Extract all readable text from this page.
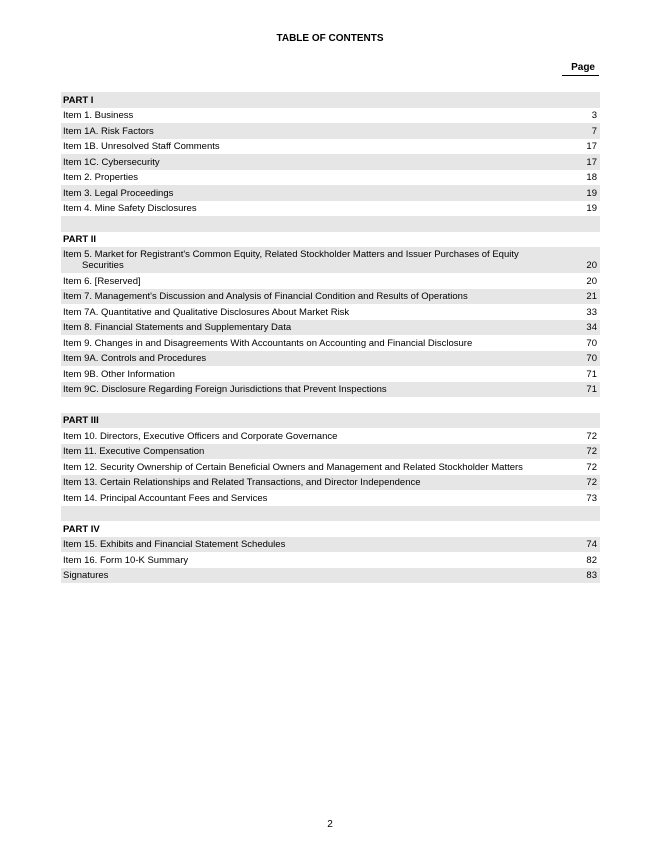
TABLE OF CONTENTS
Page
PART I
Item 1. Business	3
Item 1A. Risk Factors	7
Item 1B. Unresolved Staff Comments	17
Item 1C. Cybersecurity	17
Item 2. Properties	18
Item 3. Legal Proceedings	19
Item 4. Mine Safety Disclosures	19
PART II
Item 5. Market for Registrant's Common Equity, Related Stockholder Matters and Issuer Purchases of Equity Securities	20
Item 6. [Reserved]	20
Item 7. Management's Discussion and Analysis of Financial Condition and Results of Operations	21
Item 7A. Quantitative and Qualitative Disclosures About Market Risk	33
Item 8. Financial Statements and Supplementary Data	34
Item 9. Changes in and Disagreements With Accountants on Accounting and Financial Disclosure	70
Item 9A. Controls and Procedures	70
Item 9B. Other Information	71
Item 9C. Disclosure Regarding Foreign Jurisdictions that Prevent Inspections	71
PART III
Item 10. Directors, Executive Officers and Corporate Governance	72
Item 11. Executive Compensation	72
Item 12. Security Ownership of Certain Beneficial Owners and Management and Related Stockholder Matters	72
Item 13. Certain Relationships and Related Transactions, and Director Independence	72
Item 14. Principal Accountant Fees and Services	73
PART IV
Item 15. Exhibits and Financial Statement Schedules	74
Item 16. Form 10-K Summary	82
Signatures	83
2
